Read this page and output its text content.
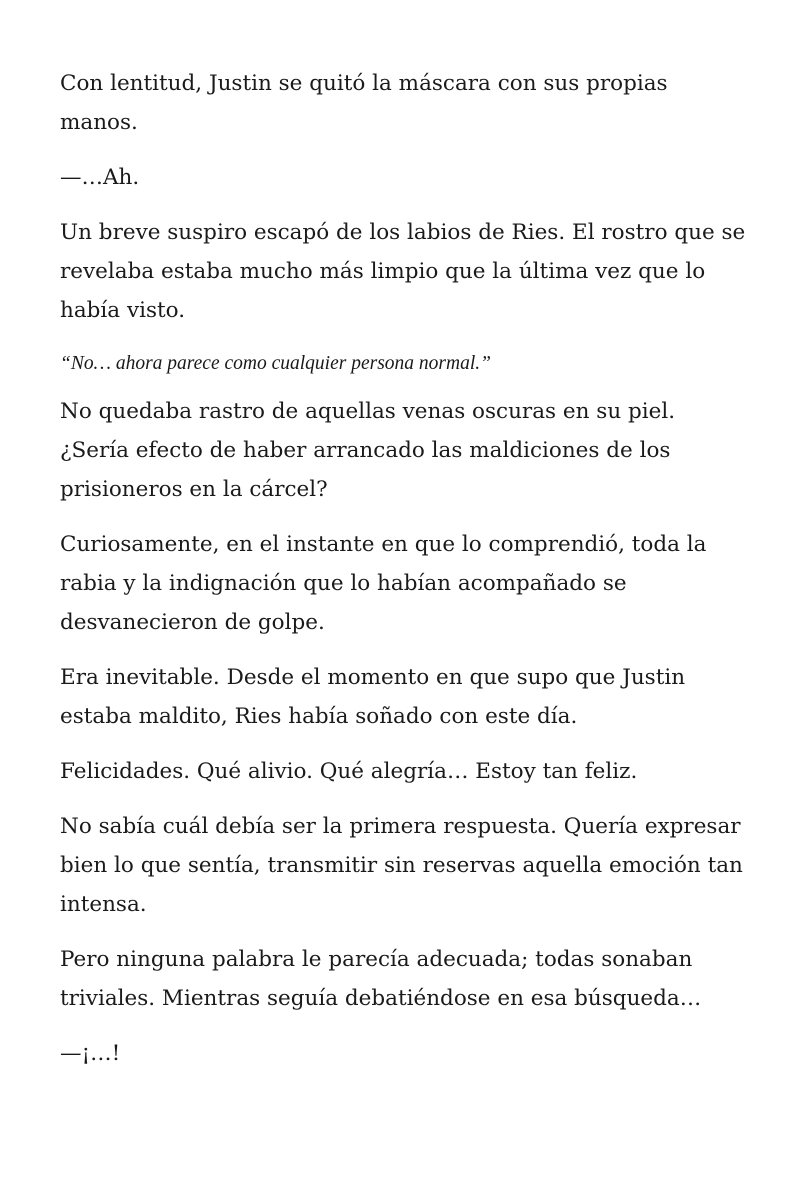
Con lentitud, Justin se quitó la máscara con sus propias manos.

—…Ah.

Un breve suspiro escapó de los labios de Ries. El rostro que se revelaba estaba mucho más limpio que la última vez que lo había visto.

“No… ahora parece como cualquier persona normal.”

No quedaba rastro de aquellas venas oscuras en su piel. ¿Sería efecto de haber arrancado las maldiciones de los prisioneros en la cárcel?

Curiosamente, en el instante en que lo comprendió, toda la rabia y la indignación que lo habían acompañado se desvanecieron de golpe.

Era inevitable. Desde el momento en que supo que Justin estaba maldito, Ries había soñado con este día.

Felicidades. Qué alivio. Qué alegría… Estoy tan feliz.

No sabía cuál debía ser la primera respuesta. Quería expresar bien lo que sentía, transmitir sin reservas aquella emoción tan intensa.

Pero ninguna palabra le parecía adecuada; todas sonaban triviales. Mientras seguía debatiéndose en esa búsqueda…

—¡…!
